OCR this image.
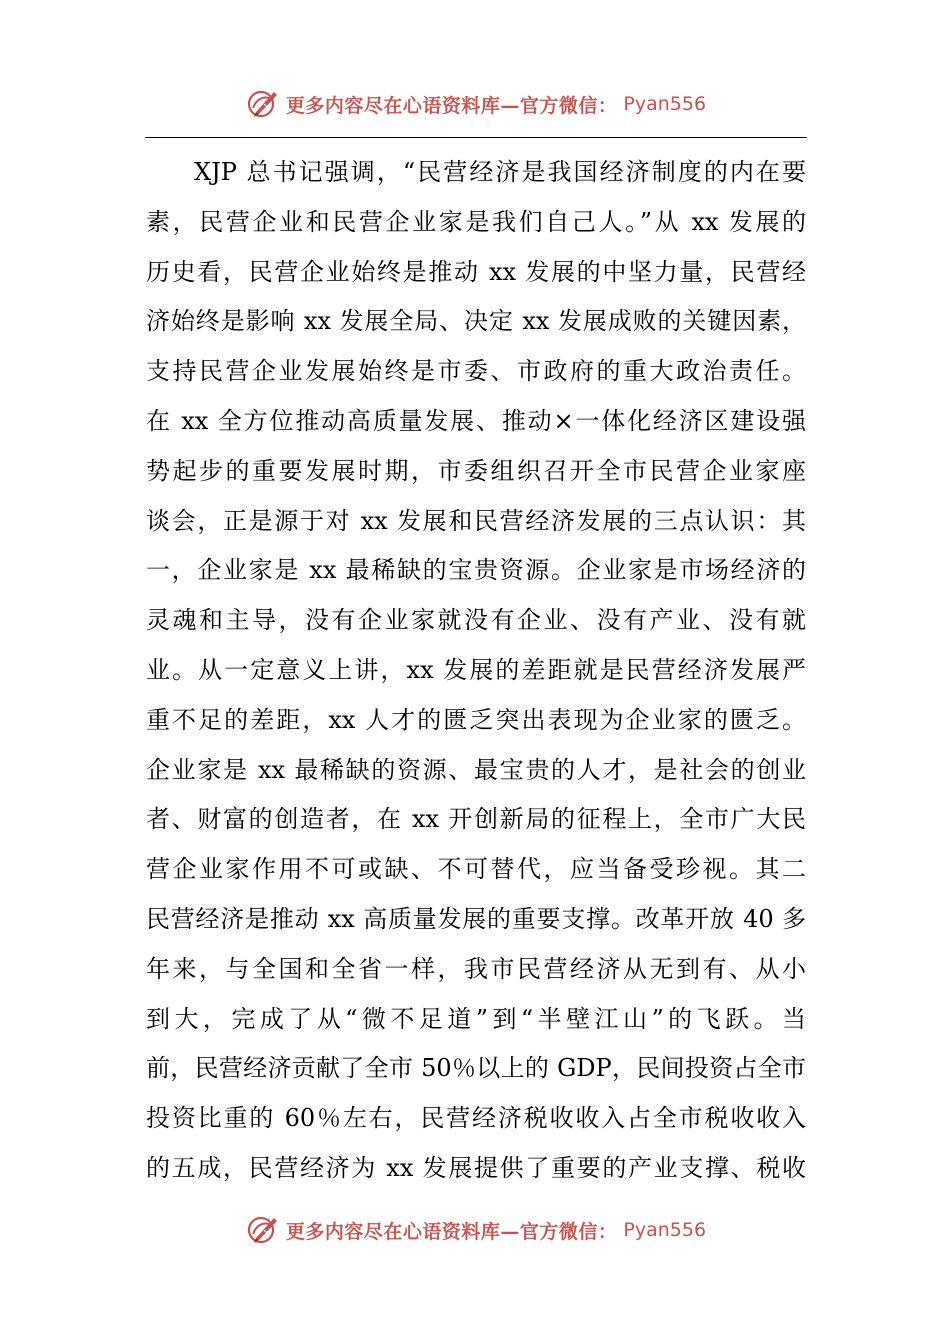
更多内容尽在心语资料库—官方微信： Pyan556
XJP 总书记强调，“民营经济是我国经济制度的内在要
素，民营企业和民营企业家是我们自己人。”从 xx 发展的
历史看，民营企业始终是推动 xx 发展的中坚力量，民营经
济始终是影响 xx 发展全局、决定 xx 发展成败的关键因素，
支持民营企业发展始终是市委、市政府的重大政治责任。
在 xx 全方位推动高质量发展、推动×一体化经济区建设强
势起步的重要发展时期，市委组织召开全市民营企业家座
谈会，正是源于对 xx 发展和民营经济发展的三点认识：其
一，企业家是 xx 最稀缺的宝贵资源。企业家是市场经济的
灵魂和主导，没有企业家就没有企业、没有产业、没有就
业。从一定意义上讲，xx 发展的差距就是民营经济发展严
重不足的差距，xx 人才的匮乏突出表现为企业家的匮乏。
企业家是 xx 最稀缺的资源、最宝贵的人才，是社会的创业
者、财富的创造者，在 xx 开创新局的征程上，全市广大民
营企业家作用不可或缺、不可替代，应当备受珍视。其二
民营经济是推动 xx 高质量发展的重要支撑。改革开放 40 多
年来，与全国和全省一样，我市民营经济从无到有、从小
到大，完成了从“微不足道”到“半壁江山”的飞跃。当
前，民营经济贡献了全市 50％以上的 GDP，民间投资占全市
投资比重的 60％左右，民营经济税收收入占全市税收收入
的五成，民营经济为 xx 发展提供了重要的产业支撑、税收
更多内容尽在心语资料库—官方微信： Pyan556
